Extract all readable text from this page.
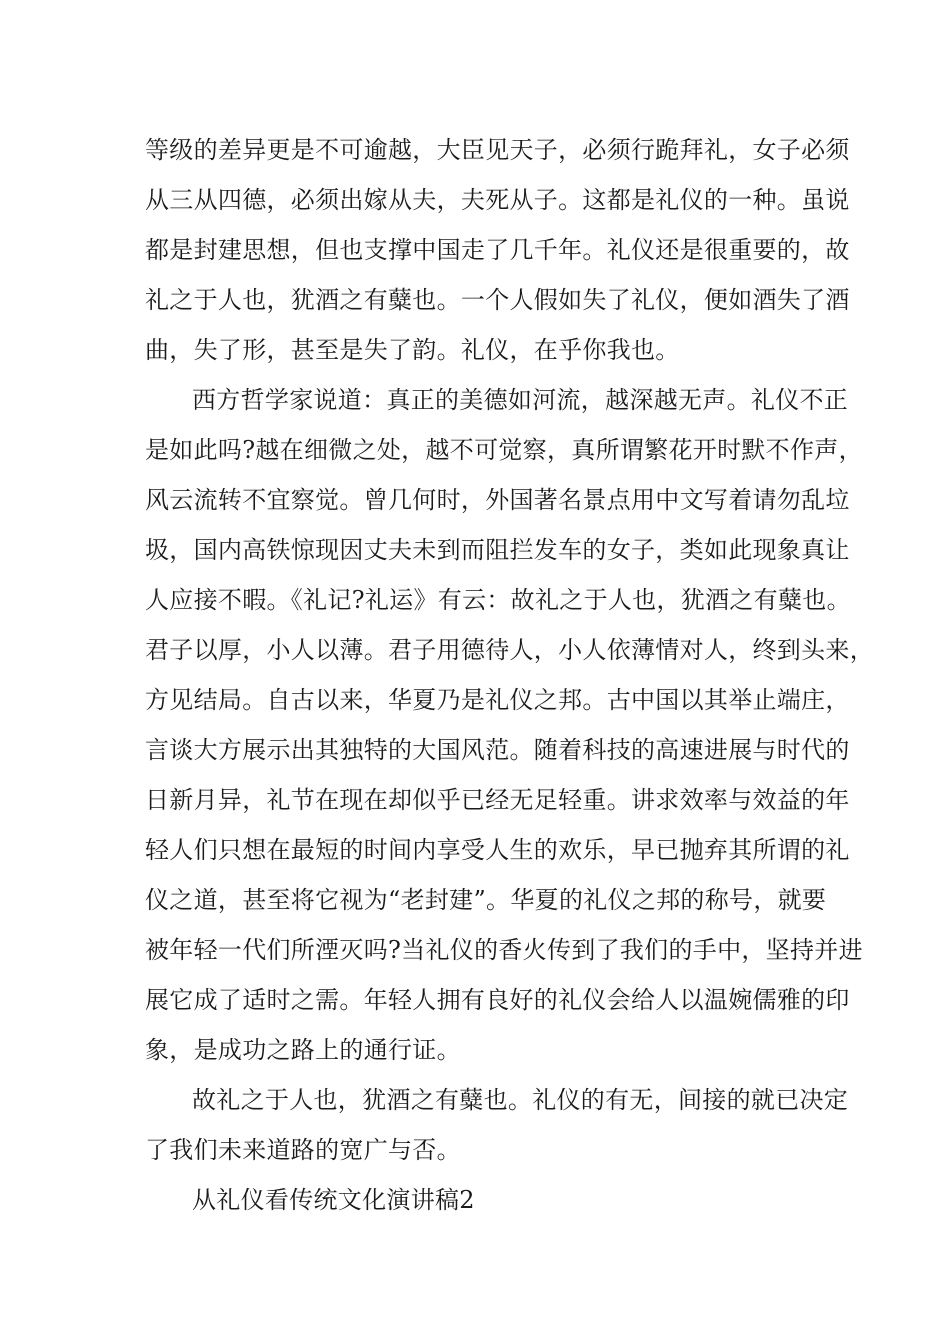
等级的差异更是不可逾越，大臣见天子，必须行跪拜礼，女子必须
从三从四德，必须出嫁从夫，夫死从子。这都是礼仪的一种。虽说
都是封建思想，但也支撑中国走了几千年。礼仪还是很重要的，故
礼之于人也，犹酒之有糵也。一个人假如失了礼仪，便如酒失了酒
曲，失了形，甚至是失了韵。礼仪，在乎你我也。
西方哲学家说道：真正的美德如河流，越深越无声。礼仪不正
是如此吗?越在细微之处，越不可觉察，真所谓繁花开时默不作声，
风云流转不宜察觉。曾几何时，外国著名景点用中文写着请勿乱垃
圾，国内高铁惊现因丈夫未到而阻拦发车的女子，类如此现象真让
人应接不暇。《礼记?礼运》有云：故礼之于人也，犹酒之有糵也。
君子以厚，小人以薄。君子用德待人，小人依薄情对人，终到头来，
方见结局。自古以来，华夏乃是礼仪之邦。古中国以其举止端庄，
言谈大方展示出其独特的大国风范。随着科技的高速进展与时代的
日新月异，礼节在现在却似乎已经无足轻重。讲求效率与效益的年
轻人们只想在最短的时间内享受人生的欢乐，早已抛弃其所谓的礼
仪之道，甚至将它视为“老封建”。华夏的礼仪之邦的称号，就要
被年轻一代们所湮灭吗?当礼仪的香火传到了我们的手中，坚持并进
展它成了适时之需。年轻人拥有良好的礼仪会给人以温婉儒雅的印
象，是成功之路上的通行证。
故礼之于人也，犹酒之有糵也。礼仪的有无，间接的就已决定
了我们未来道路的宽广与否。
从礼仪看传统文化演讲稿2
